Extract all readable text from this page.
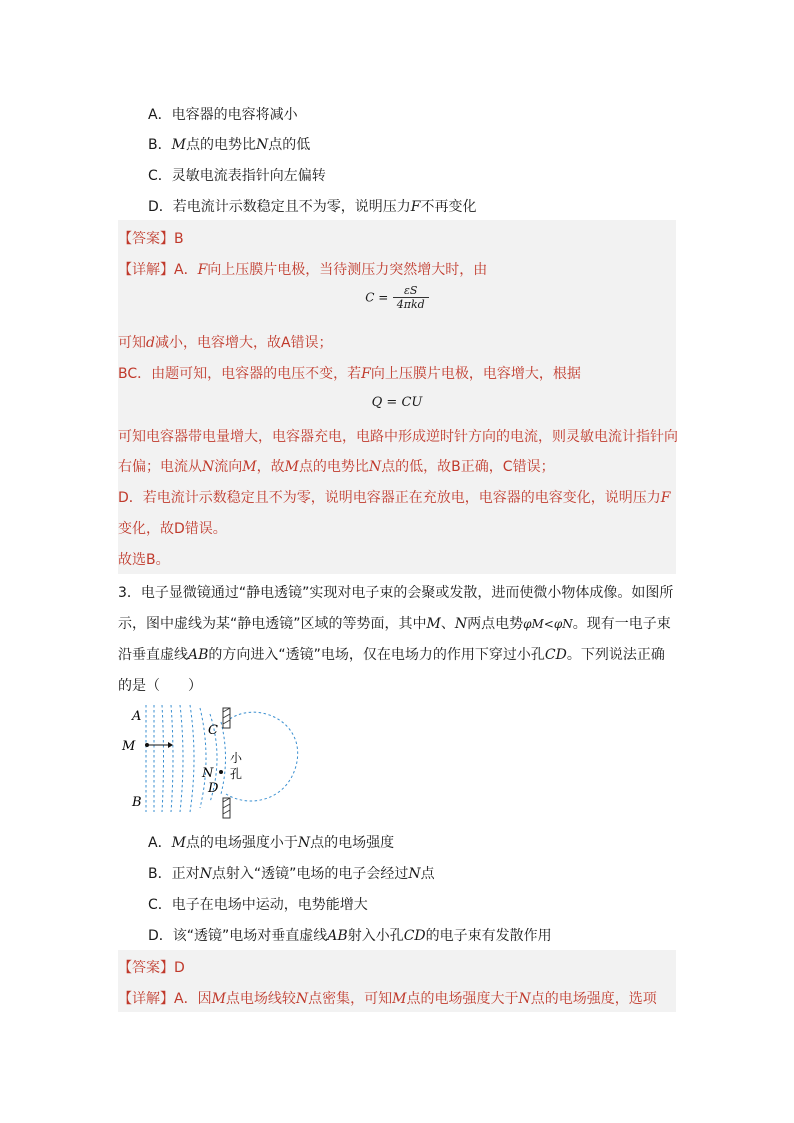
A．电容器的电容将减小
B．M点的电势比N点的低
C．灵敏电流表指针向左偏转
D．若电流计示数稳定且不为零，说明压力F不再变化
【答案】B
【详解】A．F向上压膜片电极，当待测压力突然增大时，由
$C = \frac{\varepsilon S}{\text{4πkd}}$
可知d减小，电容增大，故A错误；
BC．由题可知，电容器的电压不变，若F向上压膜片电极，电容增大，根据
Q = CU
可知电容器带电量增大，电容器充电，电路中形成逆时针方向的电流，则灵敏电流计指针向
右偏；电流从N流向M，故M点的电势比N点的低，故B正确，C错误；
D．若电流计示数稳定且不为零，说明电容器正在充放电，电容器的电容变化，说明压力F
变化，故D错误。
故选B。
3．电子显微镜通过“静电透镜”实现对电子束的会聚或发散，进而使微小物体成像。如图所
示，图中虚线为某“静电透镜”区域的等势面，其中M、N两点电势φM<φN。现有一电子束
沿垂直虚线AB的方向进入“透镜”电场，仅在电场力的作用下穿过小孔CD。下列说法正确
的是（　　）
A
M
B
C
N
D
小
孔
A．M点的电场强度小于N点的电场强度
B．正对N点射入“透镜”电场的电子会经过N点
C．电子在电场中运动，电势能增大
D．该“透镜”电场对垂直虚线AB射入小孔CD的电子束有发散作用
【答案】D
【详解】A．因M点电场线较N点密集，可知M点的电场强度大于N点的电场强度，选项
